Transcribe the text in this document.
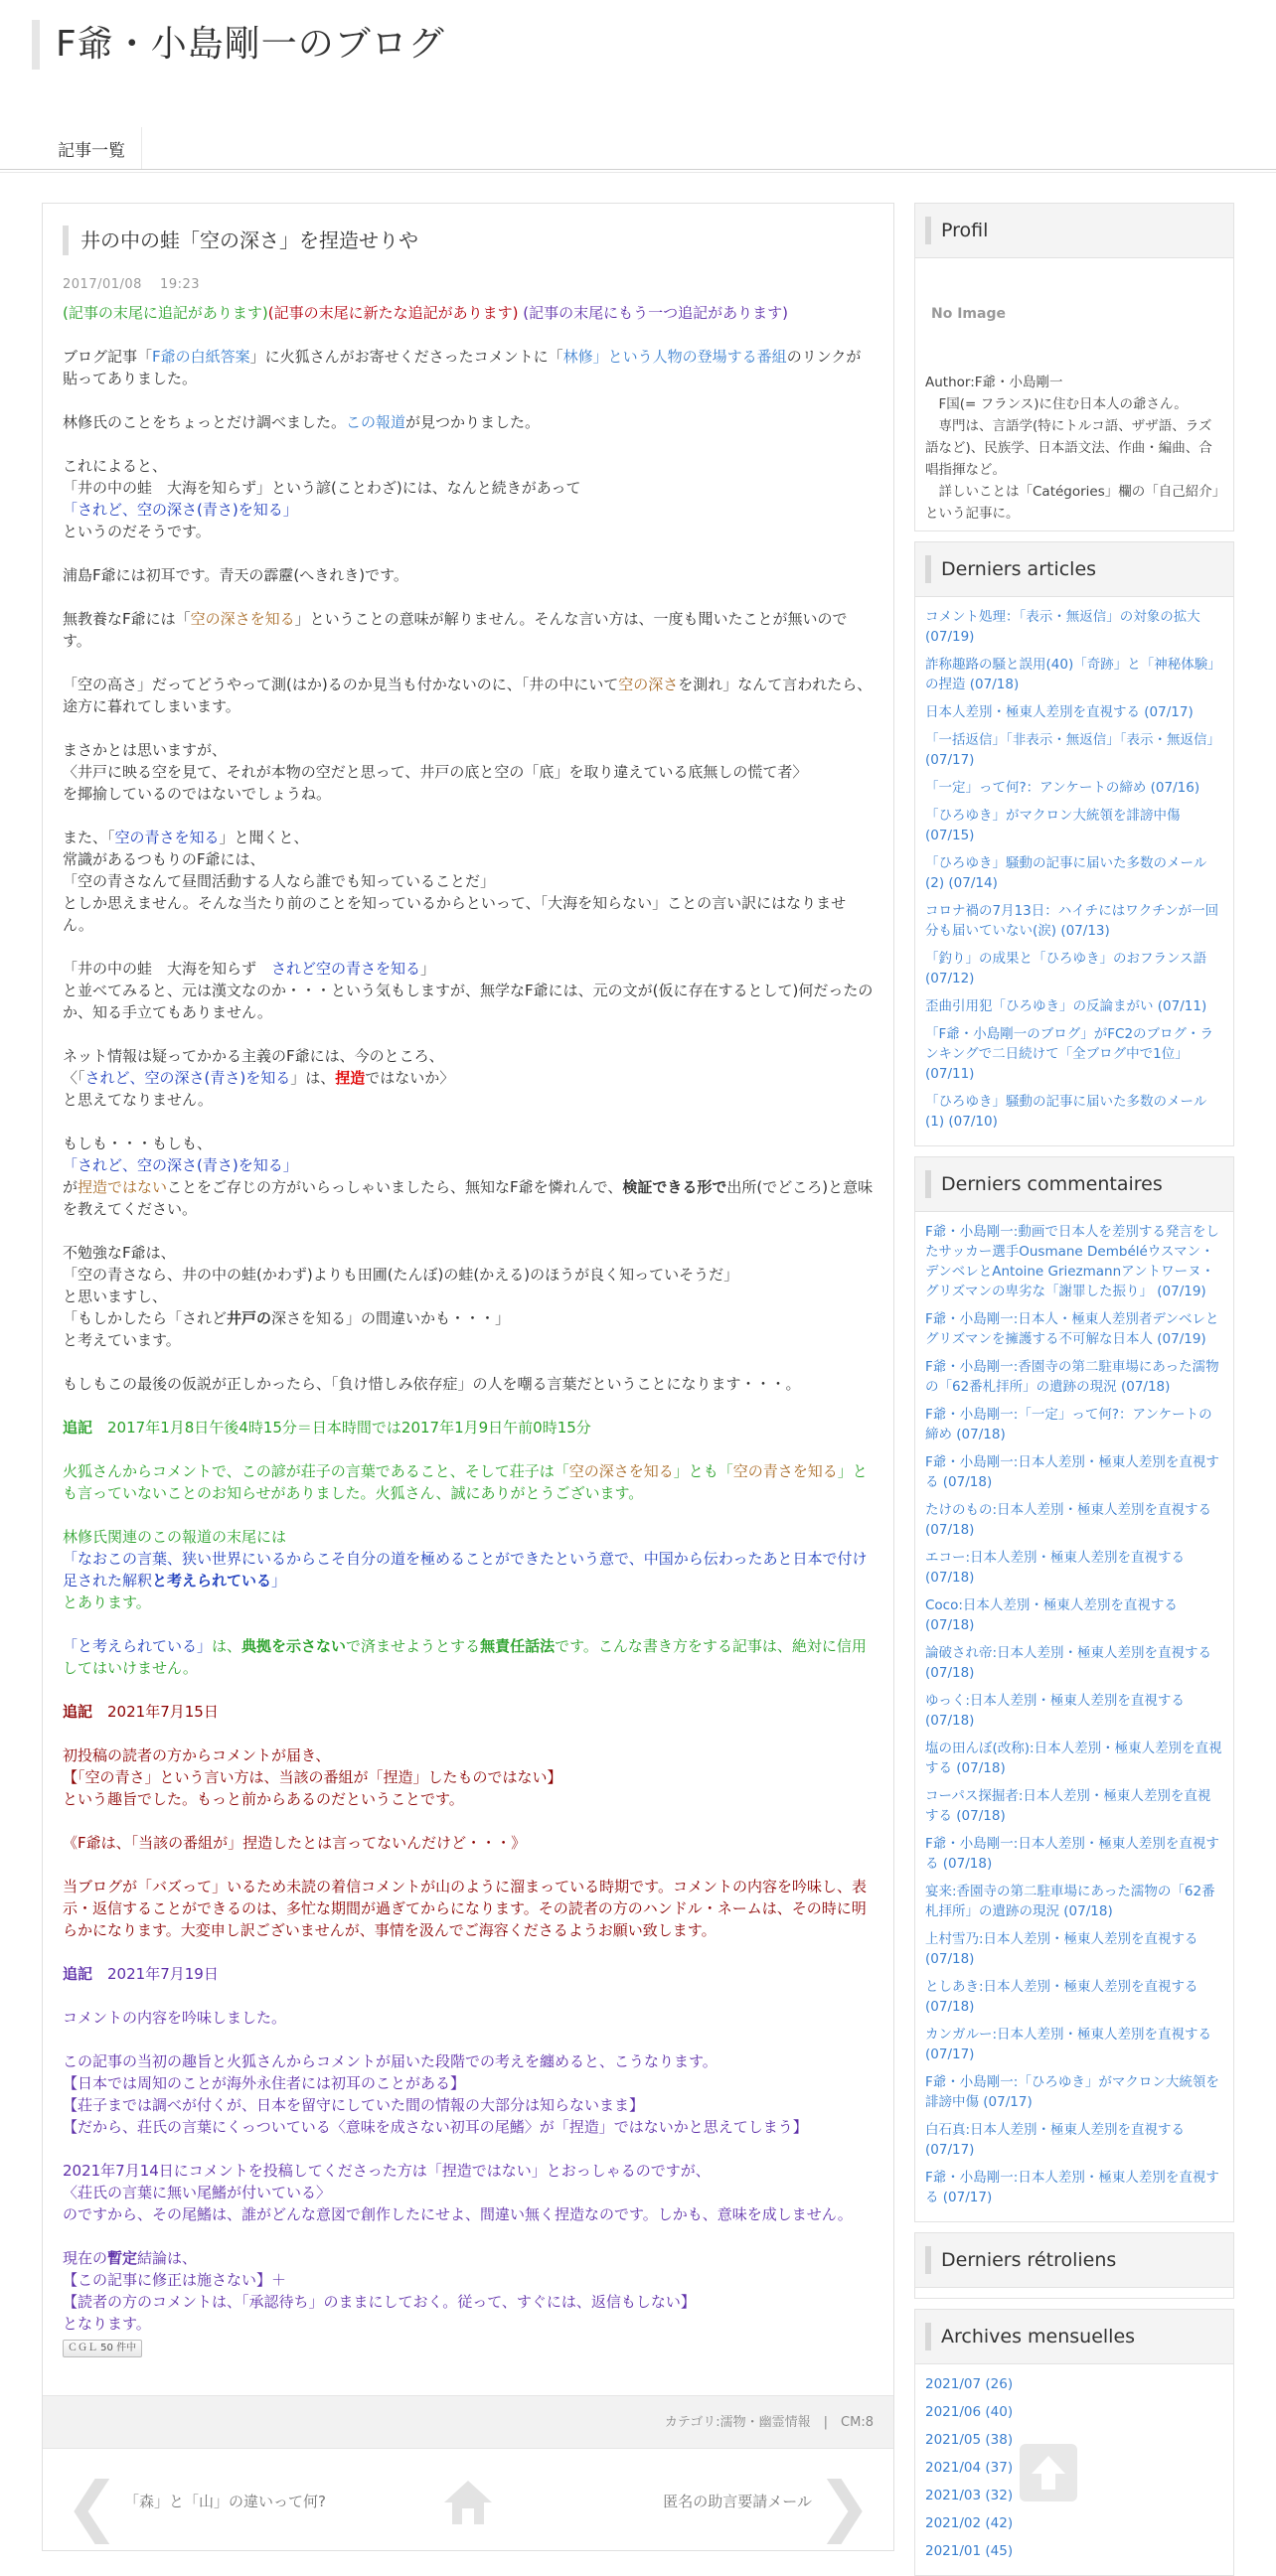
F爺・小島剛一のブログ
記事一覧
井の中の蛙「空の深さ」を捏造せりや
2017/01/08　 19:23

(記事の末尾に追記があります)(記事の末尾に新たな追記があります) (記事の末尾にもう一つ追記があります)

ブログ記事「F爺の白紙答案」に火狐さんがお寄せくださったコメントに「林修」という人物の登場する番組のリンクが貼ってありました。

林修氏のことをちょっとだけ調べました。この報道が見つかりました。

これによると、
「井の中の蛙　大海を知らず」という諺(ことわざ)には、なんと続きがあって
「されど、空の深さ(青さ)を知る」
というのだそうです。

浦島F爺には初耳です。青天の霹靂(へきれき)です。

無教養なF爺には「空の深さを知る」ということの意味が解りません。そんな言い方は、一度も聞いたことが無いのです。

「空の高さ」だってどうやって測(はか)るのか見当も付かないのに、「井の中にいて空の深さを測れ」なんて言われたら、途方に暮れてしまいます。

まさかとは思いますが、
〈井戸に映る空を見て、それが本物の空だと思って、井戸の底と空の「底」を取り違えている底無しの慌て者〉
を揶揄しているのではないでしょうね。

また、「空の青さを知る」と聞くと、
常識があるつもりのF爺には、
「空の青さなんて昼間活動する人なら誰でも知っていることだ」
としか思えません。そんな当たり前のことを知っているからといって、「大海を知らない」ことの言い訳にはなりません。

「井の中の蛙　大海を知らず　されど空の青さを知る」
と並べてみると、元は漢文なのか・・・という気もしますが、無学なF爺には、元の文が(仮に存在するとして)何だったのか、知る手立てもありません。

ネット情報は疑ってかかる主義のF爺には、今のところ、
〈「されど、空の深さ(青さ)を知る」は、捏造ではないか〉
と思えてなりません。

もしも・・・もしも、
「されど、空の深さ(青さ)を知る」
が捏造ではないことをご存じの方がいらっしゃいましたら、無知なF爺を憐れんで、検証できる形で出所(でどころ)と意味を教えてください。

不勉強なF爺は、
「空の青さなら、井の中の蛙(かわず)よりも田圃(たんぼ)の蛙(かえる)のほうが良く知っていそうだ」
と思いますし、
「もしかしたら「されど井戸の深さを知る」の間違いかも・・・」
と考えています。

もしもこの最後の仮説が正しかったら、「負け惜しみ依存症」の人を嘲る言葉だということになります・・・。

追記　2017年1月8日午後4時15分＝日本時間では2017年1月9日午前0時15分

火狐さんからコメントで、この諺が荘子の言葉であること、そして荘子は「空の深さを知る」とも「空の青さを知る」とも言っていないことのお知らせがありました。火狐さん、誠にありがとうございます。

林修氏関連のこの報道の末尾には
「なおこの言葉、狭い世界にいるからこそ自分の道を極めることができたという意で、中国から伝わったあと日本で付け足された解釈と考えられている」
とあります。

「と考えられている」は、典拠を示さないで済ませようとする無責任話法です。こんな書き方をする記事は、絶対に信用してはいけません。

追記　2021年7月15日

初投稿の読者の方からコメントが届き、
【「空の青さ」という言い方は、当該の番組が「捏造」したものではない】
という趣旨でした。もっと前からあるのだということです。

《F爺は、「当該の番組が」捏造したとは言ってないんだけど・・・》

当ブログが「バズって」いるため未読の着信コメントが山のように溜まっている時期です。コメントの内容を吟味し、表示・返信することができるのは、多忙な期間が過ぎてからになります。その読者の方のハンドル・ネームは、その時に明らかになります。大変申し訳ございませんが、事情を汲んでご海容くださるようお願い致します。

追記　2021年7月19日

コメントの内容を吟味しました。

この記事の当初の趣旨と火狐さんからコメントが届いた段階での考えを纏めると、こうなります。
【日本では周知のことが海外永住者には初耳のことがある】
【荘子までは調べが付くが、日本を留守にしていた間の情報の大部分は知らないまま】
【だから、荘氏の言葉にくっついている〈意味を成さない初耳の尾鰭〉が「捏造」ではないかと思えてしまう】

2021年7月14日にコメントを投稿してくださった方は「捏造ではない」とおっしゃるのですが、
〈荘氏の言葉に無い尾鰭が付いている〉
のですから、その尾鰭は、誰がどんな意図で創作したにせよ、間違い無く捏造なのです。しかも、意味を成しません。

現在の暫定結論は、
【この記事に修正は施さない】＋
【読者の方のコメントは、「承認待ち」のままにしておく。従って、すぐには、返信もしない】
となります。

ＣＧＬ 50 件中
カテゴリ:濡物・幽霊情報　|　CM:8
❮ 「森」と「山」の違いって何?	匿名の助言要請メール ❯
Profil
No Image
Author:F爺・小島剛一
　F国(= フランス)に住む日本人の爺さん。
　専門は、言語学(特にトルコ語、ザザ語、ラズ語など)、民族学、日本語文法、作曲・編曲、合唱指揮など。
　詳しいことは「Catégories」欄の「自己紹介」という記事に。
Derniers articles
コメント処理：「表示・無返信」の対象の拡大 (07/19)
詐称趣路の騒と誤用(40)「奇跡」と「神秘体験」の捏造 (07/18)
日本人差別・極東人差別を直視する (07/17)
「一括返信」「非表示・無返信」「表示・無返信」 (07/17)
「一定」って何?：アンケートの締め (07/16)
「ひろゆき」がマクロン大統領を誹謗中傷 (07/15)
「ひろゆき」騒動の記事に届いた多数のメール(2) (07/14)
コロナ禍の7月13日：ハイチにはワクチンが一回分も届いていない(涙) (07/13)
「釣り」の成果と「ひろゆき」のおフランス語 (07/12)
歪曲引用犯「ひろゆき」の反論まがい (07/11)
「F爺・小島剛一のブログ」がFC2のブログ・ランキングで二日続けて「全ブログ中で1位」 (07/11)
「ひろゆき」騒動の記事に届いた多数のメール(1) (07/10)
Derniers commentaires
F爺・小島剛一:動画で日本人を差別する発言をしたサッカー選手Ousmane Dembéléウスマン・デンベレとAntoine Griezmannアントワーヌ・グリズマンの卑劣な「謝罪した振り」 (07/19)
F爺・小島剛一:日本人・極東人差別者デンベレとグリズマンを擁護する不可解な日本人 (07/19)
F爺・小島剛一:香園寺の第二駐車場にあった濡物の「62番札拝所」の遺跡の現況 (07/18)
F爺・小島剛一:「一定」って何?：アンケートの締め (07/18)
F爺・小島剛一:日本人差別・極東人差別を直視する (07/18)
たけのもの:日本人差別・極東人差別を直視する (07/18)
エコー:日本人差別・極東人差別を直視する (07/18)
Coco:日本人差別・極東人差別を直視する (07/18)
論破され帝:日本人差別・極東人差別を直視する (07/18)
ゆっく:日本人差別・極東人差別を直視する (07/18)
塩の田んぼ(改称):日本人差別・極東人差別を直視する (07/18)
コーパス探掘者:日本人差別・極東人差別を直視する (07/18)
F爺・小島剛一:日本人差別・極東人差別を直視する (07/18)
宴来:香園寺の第二駐車場にあった濡物の「62番札拝所」の遺跡の現況 (07/18)
上村雪乃:日本人差別・極東人差別を直視する (07/18)
としあき:日本人差別・極東人差別を直視する (07/18)
カンガルー:日本人差別・極東人差別を直視する (07/17)
F爺・小島剛一:「ひろゆき」がマクロン大統領を誹謗中傷 (07/17)
白石真:日本人差別・極東人差別を直視する (07/17)
F爺・小島剛一:日本人差別・極東人差別を直視する (07/17)
Derniers rétroliens
Archives mensuelles
2021/07 (26)
2021/06 (40)
2021/05 (38)
2021/04 (37)
2021/03 (32)
2021/02 (42)
2021/01 (45)
